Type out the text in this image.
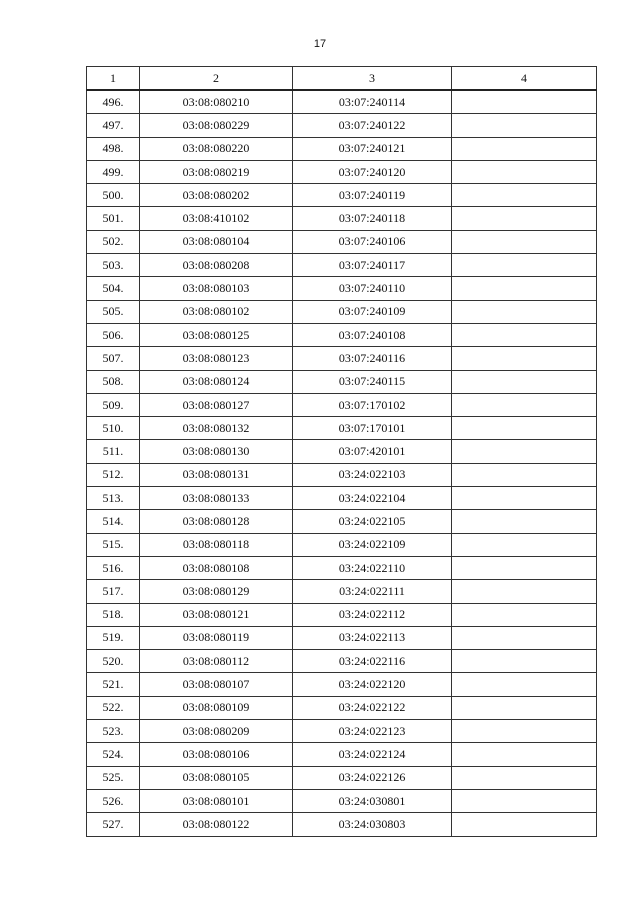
17
1	2	3	4
496.	03:08:080210	03:07:240114	
497.	03:08:080229	03:07:240122	
498.	03:08:080220	03:07:240121	
499.	03:08:080219	03:07:240120	
500.	03:08:080202	03:07:240119	
501.	03:08:410102	03:07:240118	
502.	03:08:080104	03:07:240106	
503.	03:08:080208	03:07:240117	
504.	03:08:080103	03:07:240110	
505.	03:08:080102	03:07:240109	
506.	03:08:080125	03:07:240108	
507.	03:08:080123	03:07:240116	
508.	03:08:080124	03:07:240115	
509.	03:08:080127	03:07:170102	
510.	03:08:080132	03:07:170101	
511.	03:08:080130	03:07:420101	
512.	03:08:080131	03:24:022103	
513.	03:08:080133	03:24:022104	
514.	03:08:080128	03:24:022105	
515.	03:08:080118	03:24:022109	
516.	03:08:080108	03:24:022110	
517.	03:08:080129	03:24:022111	
518.	03:08:080121	03:24:022112	
519.	03:08:080119	03:24:022113	
520.	03:08:080112	03:24:022116	
521.	03:08:080107	03:24:022120	
522.	03:08:080109	03:24:022122	
523.	03:08:080209	03:24:022123	
524.	03:08:080106	03:24:022124	
525.	03:08:080105	03:24:022126	
526.	03:08:080101	03:24:030801	
527.	03:08:080122	03:24:030803	
